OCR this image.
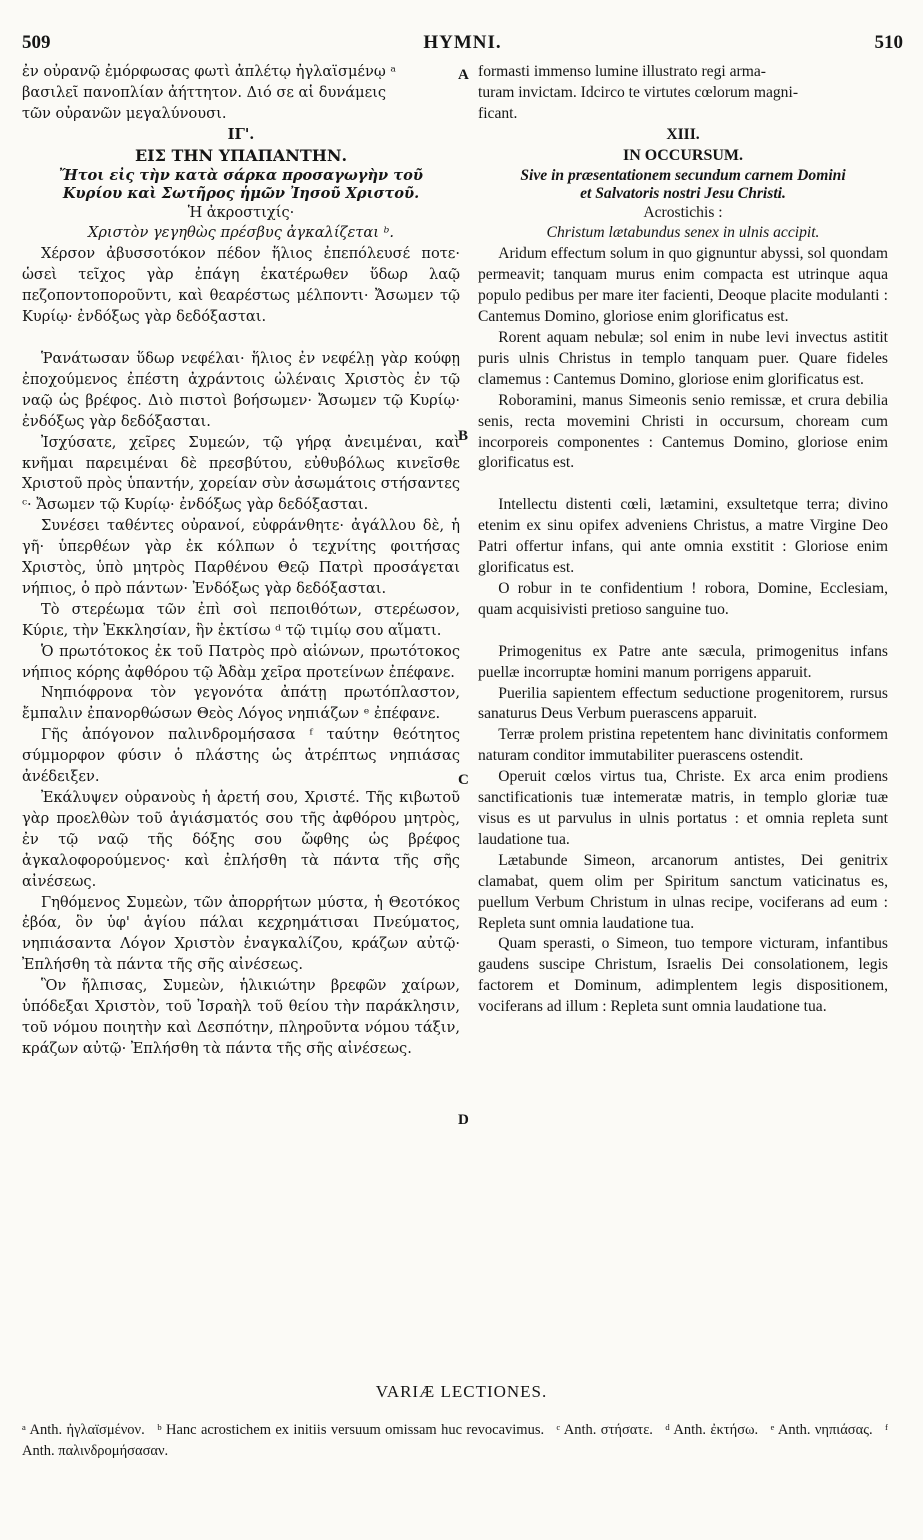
509	HYMNI.	510
A
B
C
D

ἐν οὐρανῷ ἐμόρφωσας φωτὶ ἀπλέτῳ ἠγλαϊσμένῳ ᵃ

βασιλεῖ πανοπλίαν ἀήττητον. Διό σε αἱ δυνάμεις

τῶν οὐρανῶν μεγαλύνουσι.

ΙΓ'.

ΕΙΣ ΤΗΝ ΥΠΑΠΑΝΤΗΝ.

Ἤτοι εἰς τὴν κατὰ σάρκα προσαγωγὴν τοῦ

Κυρίου καὶ Σωτῆρος ἡμῶν Ἰησοῦ Χριστοῦ.

Ἡ ἀκροστιχίς·

Χριστὸν γεγηθὼς πρέσβυς ἀγκαλίζεται ᵇ.

Χέρσον ἀβυσσοτόκον πέδον ἥλιος ἐπεπόλευσέ ποτε· ὡσεὶ τεῖχος γὰρ ἐπάγη ἑκατέρωθεν ὕδωρ λαῷ πεζοποντοποροῦντι, καὶ θεαρέστως μέλποντι· Ἄσωμεν τῷ Κυρίῳ· ἐνδόξως γὰρ δεδόξασται.

Ῥανάτωσαν ὕδωρ νεφέλαι· ἥλιος ἐν νεφέλῃ γὰρ κούφῃ ἐποχούμενος ἐπέστη ἀχράντοις ὠλέναις Χριστὸς ἐν τῷ ναῷ ὡς βρέφος. Διὸ πιστοὶ βοήσωμεν· Ἄσωμεν τῷ Κυρίῳ· ἐνδόξως γὰρ δεδόξασται.

Ἰσχύσατε, χεῖρες Συμεών, τῷ γήρᾳ ἀνειμέναι, καὶ κνῆμαι παρειμέναι δὲ πρεσβύτου, εὐθυβόλως κινεῖσθε Χριστοῦ πρὸς ὑπαντήν, χορείαν σὺν ἀσωμάτοις στήσαντες ᶜ· Ἄσωμεν τῷ Κυρίῳ· ἐνδόξως γὰρ δεδόξασται.

Συνέσει ταθέντες οὐρανοί, εὐφράνθητε· ἀγάλλου δὲ, ἡ γῆ· ὑπερθέων γὰρ ἐκ κόλπων ὁ τεχνίτης φοιτήσας Χριστὸς, ὑπὸ μητρὸς Παρθένου Θεῷ Πατρὶ προσάγεται νήπιος, ὁ πρὸ πάντων· Ἐνδόξως γὰρ δεδόξασται.

Τὸ στερέωμα τῶν ἐπὶ σοὶ πεποιθότων, στερέωσον, Κύριε, τὴν Ἐκκλησίαν, ἣν ἐκτίσω ᵈ τῷ τιμίῳ σου αἵματι.

Ὁ πρωτότοκος ἐκ τοῦ Πατρὸς πρὸ αἰώνων, πρωτότοκος νήπιος κόρης ἀφθόρου τῷ Ἀδὰμ χεῖρα προτείνων ἐπέφανε.

Νηπιόφρονα τὸν γεγονότα ἀπάτῃ πρωτόπλαστον, ἔμπαλιν ἐπανορθώσων Θεὸς Λόγος νηπιάζων ᵉ ἐπέφανε.

Γῆς ἀπόγονον παλινδρομήσασα ᶠ ταύτην θεότητος σύμμορφον φύσιν ὁ πλάστης ὡς ἀτρέπτως νηπιάσας ἀνέδειξεν.

Ἐκάλυψεν οὐρανοὺς ἡ ἀρετή σου, Χριστέ. Τῆς κιβωτοῦ γὰρ προελθὼν τοῦ ἁγιάσματός σου τῆς ἀφθόρου μητρὸς, ἐν τῷ ναῷ τῆς δόξης σου ὤφθης ὡς βρέφος ἀγκαλοφορούμενος· καὶ ἐπλήσθη τὰ πάντα τῆς σῆς αἰνέσεως.

Γηθόμενος Συμεὼν, τῶν ἀπορρήτων μύστα, ἡ Θεοτόκος ἐβόα, ὃν ὑφ' ἁγίου πάλαι κεχρημάτισαι Πνεύματος, νηπιάσαντα Λόγον Χριστὸν ἐναγκαλίζου, κράζων αὐτῷ· Ἐπλήσθη τὰ πάντα τῆς σῆς αἰνέσεως.

Ὃν ἤλπισας, Συμεὼν, ἡλικιώτην βρεφῶν χαίρων, ὑπόδεξαι Χριστὸν, τοῦ Ἰσραὴλ τοῦ θείου τὴν παράκλησιν, τοῦ νόμου ποιητὴν καὶ Δεσπότην, πληροῦντα νόμου τάξιν, κράζων αὐτῷ· Ἐπλήσθη τὰ πάντα τῆς σῆς αἰνέσεως.

formasti immenso lumine illustrato regi arma-

turam invictam. Idcirco te virtutes cœlorum magni-

ficant.

XIII.

IN OCCURSUM.

Sive in præsentationem secundum carnem Domini

et Salvatoris nostri Jesu Christi.

Acrostichis :

Christum lætabundus senex in ulnis accipit.

Aridum effectum solum in quo gignuntur abyssi, sol quondam permeavit; tanquam murus enim compacta est utrinque aqua populo pedibus per mare iter facienti, Deoque placite modulanti : Cantemus Domino, gloriose enim glorificatus est.

Rorent aquam nebulæ; sol enim in nube levi invectus astitit puris ulnis Christus in templo tanquam puer. Quare fideles clamemus : Cantemus Domino, gloriose enim glorificatus est.

Roboramini, manus Simeonis senio remissæ, et crura debilia senis, recta movemini Christi in occursum, choream cum incorporeis componentes : Cantemus Domino, gloriose enim glorificatus est.

Intellectu distenti cœli, lætamini, exsultetque terra; divino etenim ex sinu opifex adveniens Christus, a matre Virgine Deo Patri offertur infans, qui ante omnia exstitit : Gloriose enim glorificatus est.

O robur in te confidentium ! robora, Domine, Ecclesiam, quam acquisivisti pretioso sanguine tuo.

Primogenitus ex Patre ante sæcula, primogenitus infans puellæ incorruptæ homini manum porrigens apparuit.

Puerilia sapientem effectum seductione progenitorem, rursus sanaturus Deus Verbum puerascens apparuit.

Terræ prolem pristina repetentem hanc divinitatis conformem naturam conditor immutabiliter puerascens ostendit.

Operuit cœlos virtus tua, Christe. Ex arca enim prodiens sanctificationis tuæ intemeratæ matris, in templo gloriæ tuæ visus es ut parvulus in ulnis portatus : et omnia repleta sunt laudatione tua.

Lætabunde Simeon, arcanorum antistes, Dei genitrix clamabat, quem olim per Spiritum sanctum vaticinatus es, puellum Verbum Christum in ulnas recipe, vociferans ad eum : Repleta sunt omnia laudatione tua.

Quam sperasti, o Simeon, tuo tempore victuram, infantibus gaudens suscipe Christum, Israelis Dei consolationem, legis factorem et Dominum, adimplentem legis dispositionem, vociferans ad illum : Repleta sunt omnia laudatione tua.

VARIÆ LECTIONES.
ᵃ Anth. ἠγλαϊσμένον. ᵇ Hanc acrostichem ex initiis versuum omissam huc revocavimus. ᶜ Anth. στήσατε. ᵈ Anth. ἐκτήσω. ᵉ Anth. νηπιάσας. ᶠ Anth. παλινδρομήσασαν.
